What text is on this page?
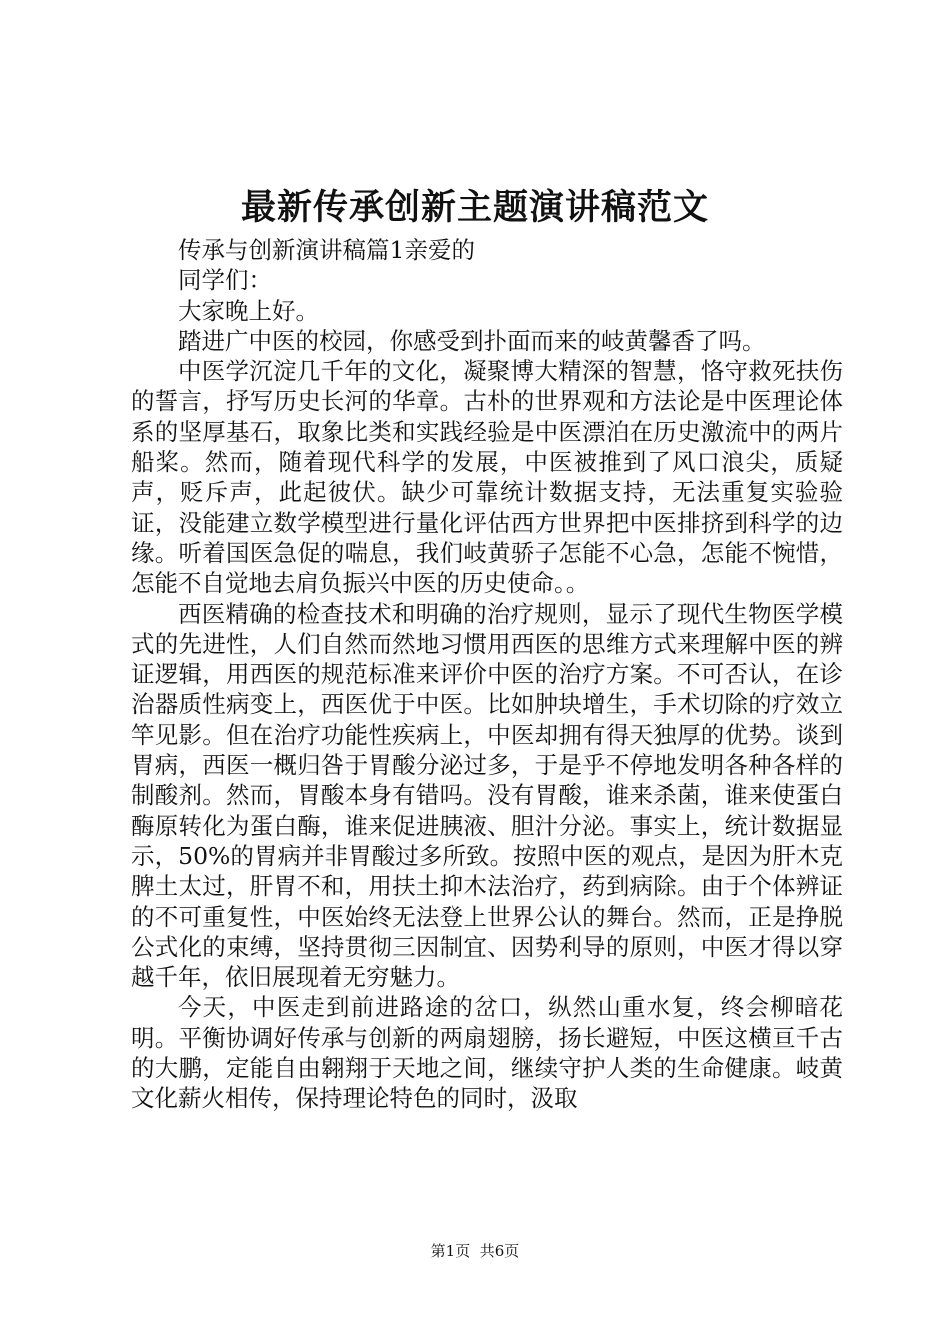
最新传承创新主题演讲稿范文

传承与创新演讲稿篇1亲爱的

同学们：

大家晚上好。

踏进广中医的校园，你感受到扑面而来的岐黄馨香了吗。

中医学沉淀几千年的文化，凝聚博大精深的智慧，恪守救死扶伤的誓言，抒写历史长河的华章。古朴的世界观和方法论是中医理论体系的坚厚基石，取象比类和实践经验是中医漂泊在历史激流中的两片船桨。然而，随着现代科学的发展，中医被推到了风口浪尖，质疑声，贬斥声，此起彼伏。缺少可靠统计数据支持，无法重复实验验证，没能建立数学模型进行量化评估西方世界把中医排挤到科学的边缘。听着国医急促的喘息，我们岐黄骄子怎能不心急，怎能不惋惜，怎能不自觉地去肩负振兴中医的历史使命。。

西医精确的检查技术和明确的治疗规则，显示了现代生物医学模式的先进性，人们自然而然地习惯用西医的思维方式来理解中医的辨证逻辑，用西医的规范标准来评价中医的治疗方案。不可否认，在诊治器质性病变上，西医优于中医。比如肿块增生，手术切除的疗效立竿见影。但在治疗功能性疾病上，中医却拥有得天独厚的优势。谈到胃病，西医一概归咎于胃酸分泌过多，于是乎不停地发明各种各样的制酸剂。然而，胃酸本身有错吗。没有胃酸，谁来杀菌，谁来使蛋白酶原转化为蛋白酶，谁来促进胰液、胆汁分泌。事实上，统计数据显示，50%的胃病并非胃酸过多所致。按照中医的观点，是因为肝木克脾土太过，肝胃不和，用扶土抑木法治疗，药到病除。由于个体辨证的不可重复性，中医始终无法登上世界公认的舞台。然而，正是挣脱公式化的束缚，坚持贯彻三因制宜、因势利导的原则，中医才得以穿越千年，依旧展现着无穷魅力。

今天，中医走到前进路途的岔口，纵然山重水复，终会柳暗花明。平衡协调好传承与创新的两扇翅膀，扬长避短，中医这横亘千古的大鹏，定能自由翱翔于天地之间，继续守护人类的生命健康。岐黄文化薪火相传，保持理论特色的同时，汲取

第1页 共6页
